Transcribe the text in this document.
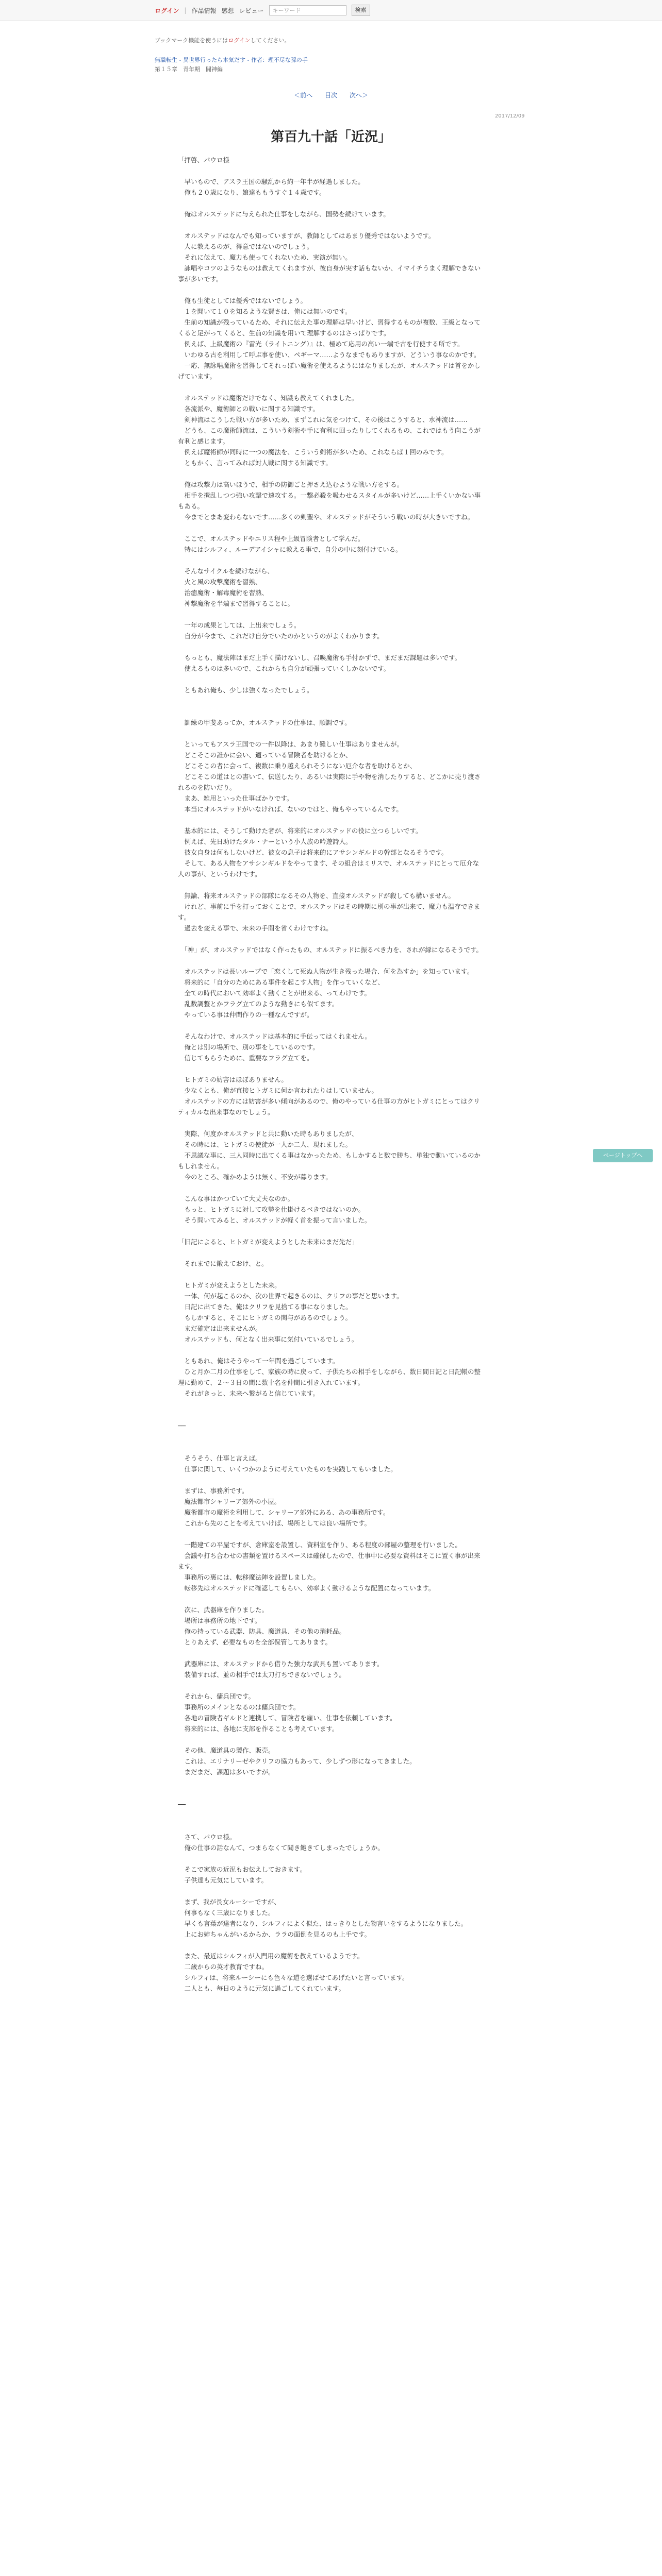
ログイン | 作品情報 感想 レビュー	キーワード	検索
ブックマーク機能を使うにはログインしてください。
無職転生 - 異世界行ったら本気だす - 作者：理不尽な孫の手
第１５章　青年期　闘神編
＜前へ 目次 次へ＞
2017/12/09
第百九十話「近況」

「拝啓、パウロ様

　早いもので、アスラ王国の騒乱から約一年半が経過しました。

　俺も２０歳になり、娘達ももうすぐ１４歳です。

　俺はオルステッドに与えられた仕事をしながら、国勢を続けています。

　オルステッドはなんでも知っていますが、教師としてはあまり優秀ではないようです。

　人に教えるのが、得意ではないのでしょう。

　それに伝えて、魔力も使ってくれないため、実演が無い。

　詠唱やコツのようなものは教えてくれますが、彼自身が実す話もないか、イマイチうまく理解できない事が多いです。

　俺も生徒としては優秀ではないでしょう。

　１を聞いて１０を知るような賢さは、俺には無いのです。

　生前の知識が残っているため、それに伝えた事の理解は早いけど、習得するものが複数、王級となってくると足がってくると、生前の知識を用いて理解するのはさっぱりです。

　例えば、上級魔術の『雷光（ライトニング）』は、極めて応用の高い一端で古を行使する所です。

　いわゆる古を利用して呼ぶ事を使い、ペギーマ……ようなまでもありますが、どういう事なのかです。

　一応、無詠唱魔術を習得してそれっぽい魔術を使えるようにはなりましたが、オルステッドは首をかしげています。

　オルステッドは魔術だけでなく、知識も教えてくれました。

　各流派や、魔術師との戦いに関する知識です。

　剣神流はこうした戦い方が多いため、まずこれに気をつけて、その後はこうすると、水神流は……

　どうも、この魔術師流は、こういう剣術や手に有利に回ったりしてくれるもの、これではもう向こうが有利と感じます。

　例えば魔術師が同時に一つの魔法を、こういう剣術が多いため、これならば１回のみです。

　ともかく、言ってみれば対人戦に関する知識です。

　俺は攻撃力は高いほうで、相手の防御ごと押さえ込むような戦い方をする。

　相手を攪乱しつつ強い攻撃で速攻する。一撃必殺を吸わせるスタイルが多いけど……上手くいかない事もある。

　今までとまあ変わらないです……多くの剣聖や、オルステッドがそういう戦いの時が大きいですね。

　ここで、オルステッドやエリス程や上級冒険者として学んだ。

　特にはシルフィ、ルーデアイシャに教える事で、自分の中に刻付けている。

　そんなサイクルを続けながら、

　火と風の攻撃魔術を習熟、

　治癒魔術・解毒魔術を習熟、

　神撃魔術を半端まで習得することに。

　一年の成果としては、上出来でしょう。

　自分が今まで、これだけ自分でいたのかというのがよくわかります。

　もっとも、魔法陣はまだ上手く描けないし、召喚魔術も手付かずで、まだまだ課題は多いです。

　使えるものは多いので、これからも自分が頑張っていくしかないです。

　ともあれ俺も、少しは強くなったでしょう。

　訓練の甲斐あってか、オルステッドの仕事は、順調です。

　といってもアスラ王国での一件以降は、あまり難しい仕事はありませんが。

　どこそこの誰かに会い、適っている冒険者を助けるとか、

　どこそこの者に会って、複数に乗り越えられそうにない厄介な者を助けるとか、

　どこそこの道はとの書いて、伝送したり、あるいは実際に手や物を消したりすると、どこかに売り渡されるのを防いだり。

　まあ、雑用といった仕事ばかりです。

　本当にオルステッドがいなければ、ないのではと、俺もやっているんです。

　基本的には、そうして動けた者が、将来的にオルステッドの役に立つらしいです。

　例えば、先日助けたタル・ナーという小人族の吟遊詩人。

　彼女自身は何もしないけど、彼女の息子は将来的にアサシンギルドの幹部となるそうです。

　そして、ある人物をアサシンギルドをやってます、その組合はミリスで、オルステッドにとって厄介な人の事が、というわけです。

　無論、将来オルステッドの部隊になるその人物を、直接オルステッドが殺しても構いません。

　けれど、事前に手を打っておくことで、オルステッドはその時期に別の事が出来て、魔力も温存できます。

　過去を変える事で、未来の手間を省くわけですね。

　「神」が、オルステッドではなく作ったもの、オルステッドに振るべき力を、されが縁になるそうです。

　オルステッドは長いループで「恋くして死ぬ人物が生き残った場合、何を為すか」を知っています。

　将来的に「自分のためにある事件を起こす人物」を作っていくなど、

　全ての時代において効率よく動くことが出来る、ってわけです。

　乱数調整とかフラグ立てのような動きにも似てます。

　やっている事は仲間作りの一種なんですが。

　そんなわけで、オルステッドは基本的に手伝ってはくれません。

　俺とは別の場所で、別の事をしているのです。

　信じてもらうために、重要なフラグ立てを。

　ヒトガミの妨害はほぼありません。

　少なくとも、俺が直接ヒトガミに何か言われたりはしていません。

　オルステッドの方には妨害が多い傾向があるので、俺のやっている仕事の方がヒトガミにとってはクリティカルな出来事なのでしょう。

　実際、何度かオルステッドと共に動いた時もありましたが、

　その時には、ヒトガミの使徒が一人か二人、現れました。

　不思議な事に、三人同時に出てくる事はなかったため、もしかすると数で勝ち、単独で動いているのかもしれません。

　今のところ、確かめようは無く、不安が募ります。

　こんな事はかつていて大丈夫なのか。

　もっと、ヒトガミに対して攻勢を仕掛けるべきではないのか。

　そう問いてみると、オルステッドが軽く首を振って言いました。

「旧記によると、ヒトガミが変えようとした未来はまだ先だ」

　それまでに鍛えておけ、と。

　ヒトガミが変えようとした未来。

　一体、何が起こるのか、次の世界で起きるのは、クリフの事だと思います。

　日記に出てきた、俺はクリフを見捨てる事になりました。

　もしかすると、そこにヒトガミの関与があるのでしょう。

　まだ確定は出来ませんが。

　オルステッドも、何となく出来事に気付いているでしょう。

　ともあれ、俺はそうやって一年間を過ごしています。

　ひと月か二月の仕事をして、家族の時に戻って、子供たちの相手をしながら、数日間日記と日記帳の整理に勤めて、２〜３日の間に数十名を仲間に引き入れています。

　それがきっと、未来へ繋がると信じています。

──

　そうそう、仕事と言えば。

　仕事に関して、いくつかのように考えていたものを実践してもいました。

　まずは、事務所です。

　魔法都市シャリーア郊外の小屋。

　魔術都市の魔術を利用して、シャリーア郊外にある、あの事務所です。

　これから先のことを考えていけば、場所としては良い場所です。

　一階建ての平屋ですが、倉庫室を設置し、資料室を作り、ある程度の部屋の整理を行いました。

　会議や打ち合わせの書類を置けるスペースは確保したので、仕事中に必要な資料はそこに置く事が出来ます。

　事務所の裏には、転移魔法陣を設置しました。

　転移先はオルステッドに確認してもらい、効率よく動けるような配置になっています。

　次に、武器庫を作りました。

　場所は事務所の地下です。

　俺の持っている武器、防具、魔道具、その他の消耗品。

　とりあえず、必要なものを全部保管してあります。

　武器庫には、オルステッドから借りた強力な武具も置いてあります。

　装備すれば、並の相手では太刀打ちできないでしょう。

　それから、傭兵団です。

　事務所のメインとなるのは傭兵団です。

　各地の冒険者ギルドと連携して、冒険者を雇い、仕事を依頼しています。

　将来的には、各地に支部を作ることも考えています。

　その他、魔道具の製作、販売。

　これは、エリナリーゼやクリフの協力もあって、少しずつ形になってきました。

　まだまだ、課題は多いですが。

──

　さて、パウロ様。

　俺の仕事の話なんて、つまらなくて聞き飽きてしまったでしょうか。

　そこで家族の近況もお伝えしておきます。

　子供達も元気にしています。

　まず、我が長女ルーシーですが、

　何事もなく三歳になりました。

　早くも言葉が達者になり、シルフィによく似た、はっきりとした物言いをするようになりました。

　上にお姉ちゃんがいるからか、ララの面倒を見るのも上手です。

　また、最近はシルフィが入門用の魔術を教えているようです。

　二歳からの英才教育ですね。

　シルフィは、将来ルーシーにも色々な道を選ばせてあげたいと言っています。

　二人とも、毎日のように元気に過ごしてくれています。

ページトップへ
